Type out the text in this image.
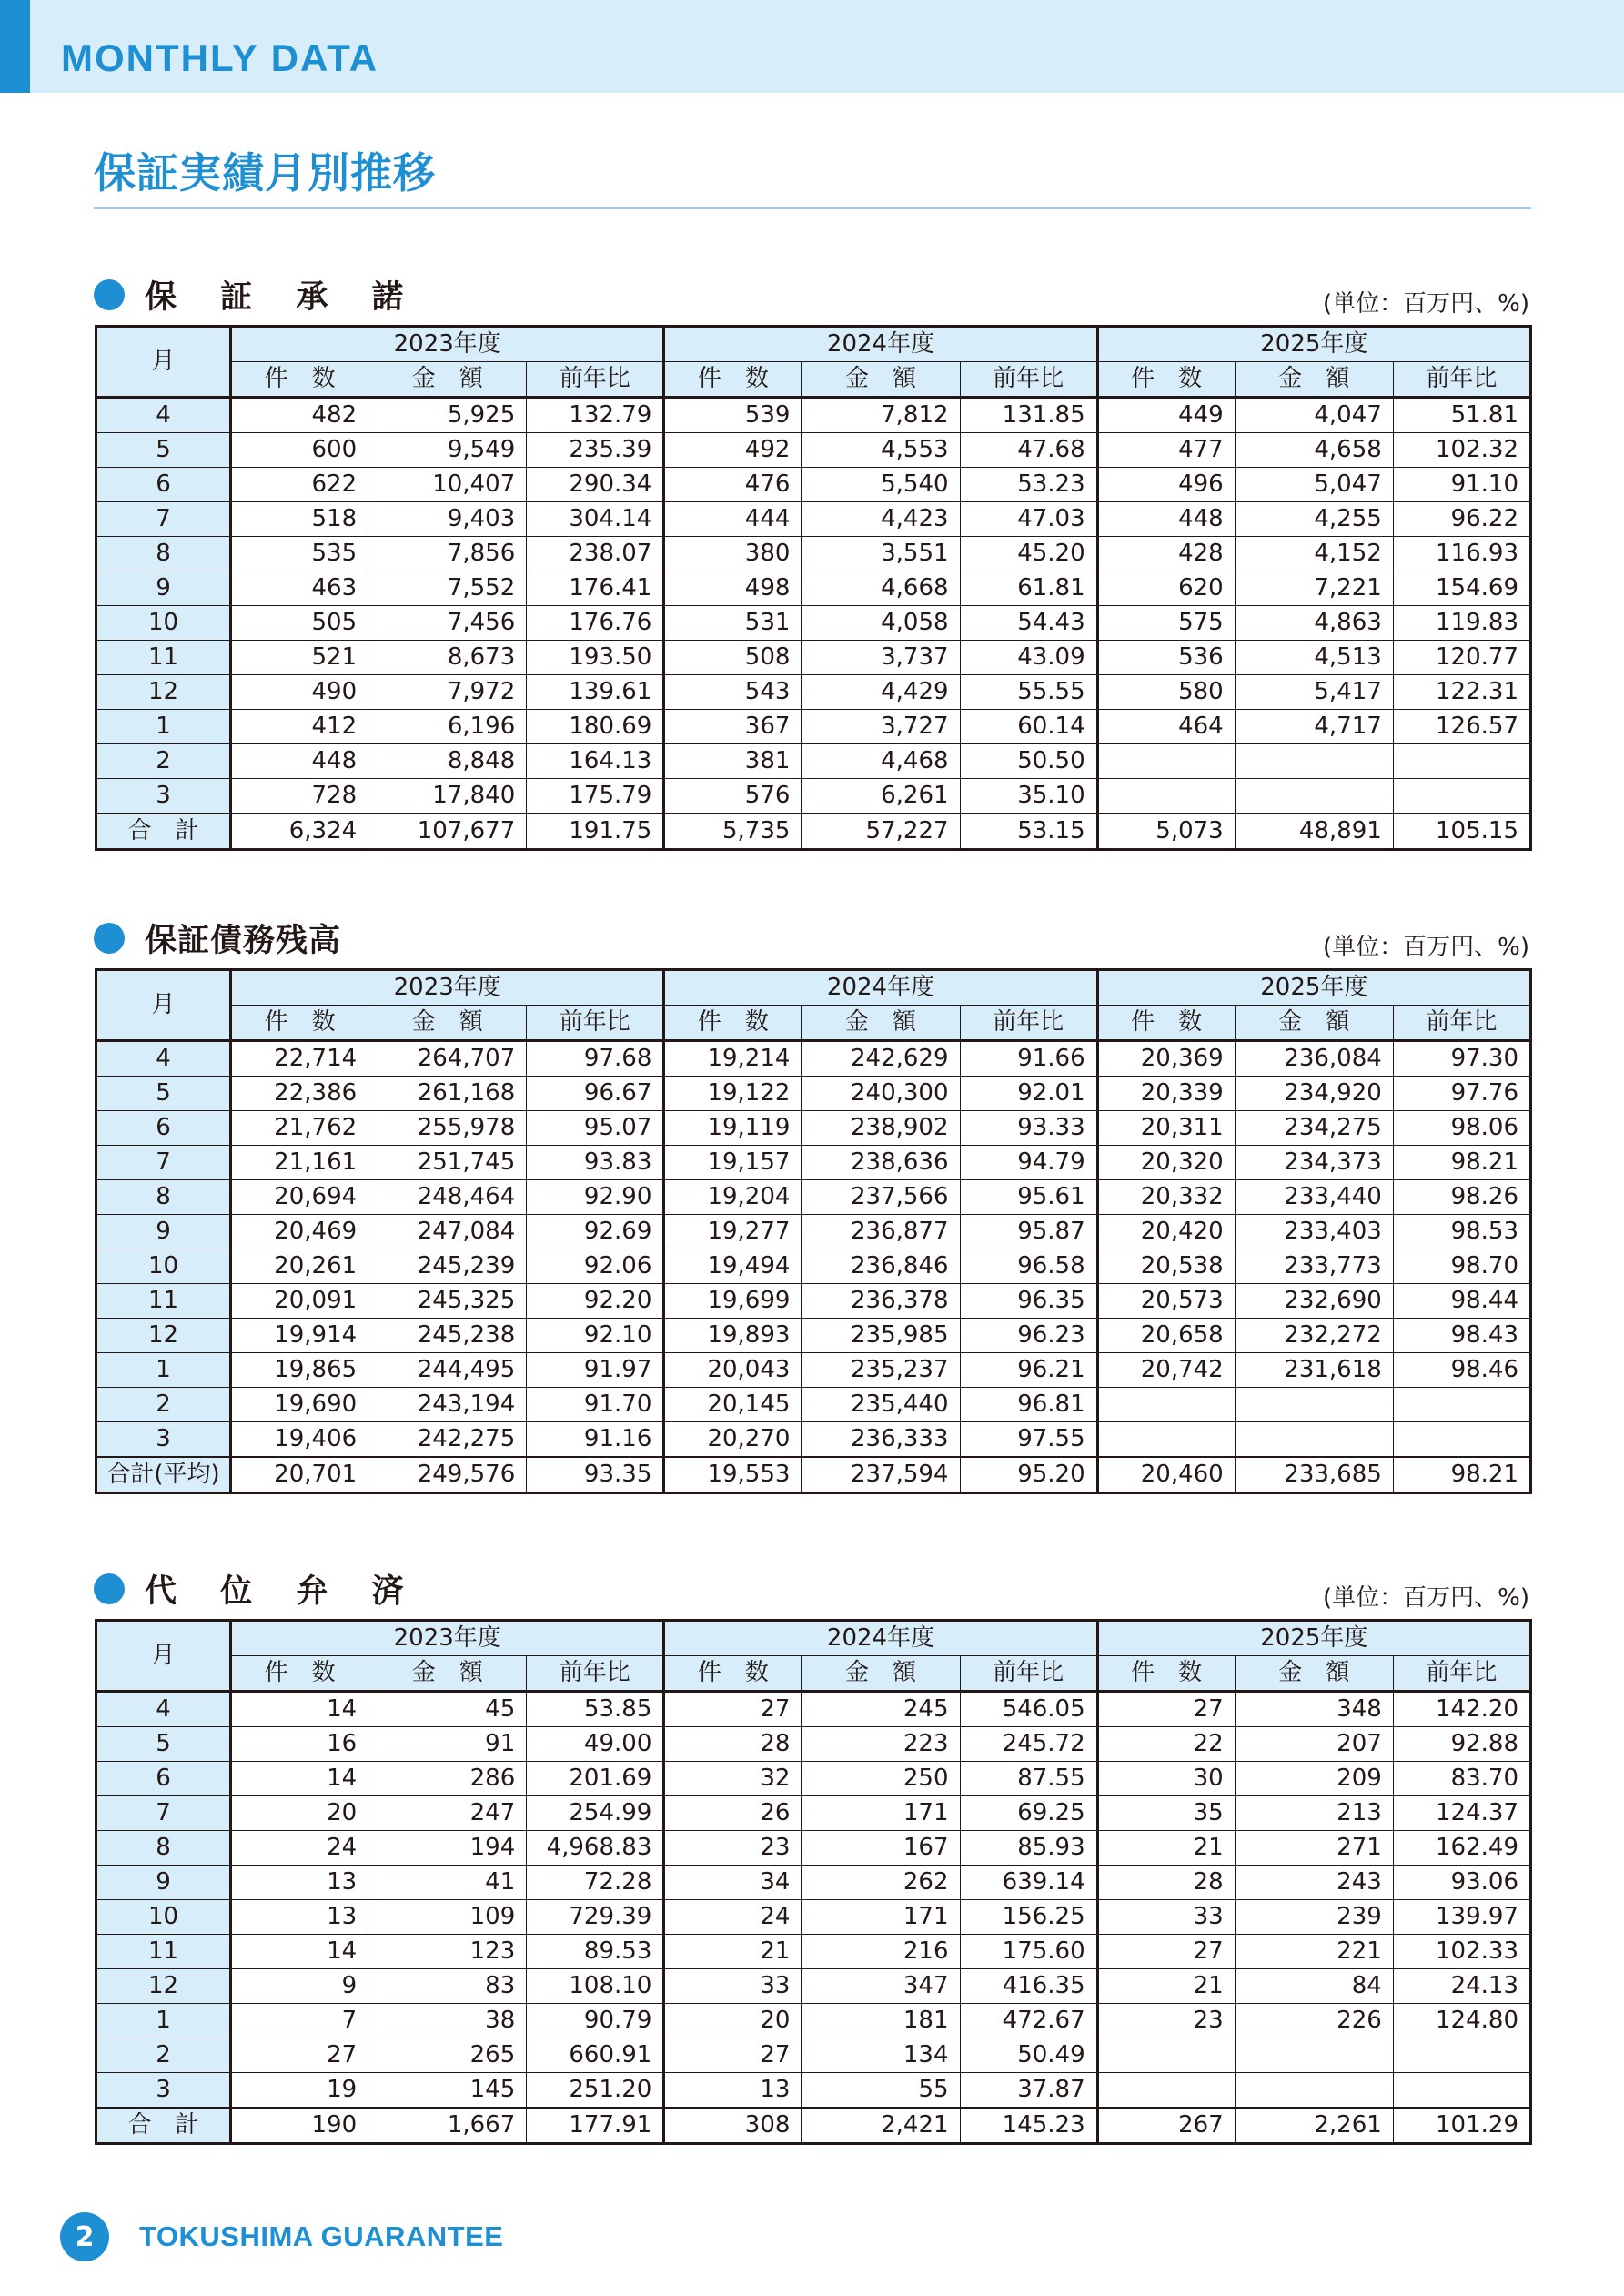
MONTHLY DATA
保証実績月別推移
保 証 承 諾	(単位：百万円、%)
保証債務残高	(単位：百万円、%)
代 位 弁 済	(単位：百万円、%)
月	2023年度			2024年度			2025年度		
	件　数	金　額	前年比	件　数	金　額	前年比	件　数	金　額	前年比
4	482	5,925	132.79	539	7,812	131.85	449	4,047	51.81
5	600	9,549	235.39	492	4,553	47.68	477	4,658	102.32
6	622	10,407	290.34	476	5,540	53.23	496	5,047	91.10
7	518	9,403	304.14	444	4,423	47.03	448	4,255	96.22
8	535	7,856	238.07	380	3,551	45.20	428	4,152	116.93
9	463	7,552	176.41	498	4,668	61.81	620	7,221	154.69
10	505	7,456	176.76	531	4,058	54.43	575	4,863	119.83
11	521	8,673	193.50	508	3,737	43.09	536	4,513	120.77
12	490	7,972	139.61	543	4,429	55.55	580	5,417	122.31
1	412	6,196	180.69	367	3,727	60.14	464	4,717	126.57
2	448	8,848	164.13	381	4,468	50.50			
3	728	17,840	175.79	576	6,261	35.10			
合　計	6,324	107,677	191.75	5,735	57,227	53.15	5,073	48,891	105.15
月	2023年度			2024年度			2025年度		
	件　数	金　額	前年比	件　数	金　額	前年比	件　数	金　額	前年比
4	22,714	264,707	97.68	19,214	242,629	91.66	20,369	236,084	97.30
5	22,386	261,168	96.67	19,122	240,300	92.01	20,339	234,920	97.76
6	21,762	255,978	95.07	19,119	238,902	93.33	20,311	234,275	98.06
7	21,161	251,745	93.83	19,157	238,636	94.79	20,320	234,373	98.21
8	20,694	248,464	92.90	19,204	237,566	95.61	20,332	233,440	98.26
9	20,469	247,084	92.69	19,277	236,877	95.87	20,420	233,403	98.53
10	20,261	245,239	92.06	19,494	236,846	96.58	20,538	233,773	98.70
11	20,091	245,325	92.20	19,699	236,378	96.35	20,573	232,690	98.44
12	19,914	245,238	92.10	19,893	235,985	96.23	20,658	232,272	98.43
1	19,865	244,495	91.97	20,043	235,237	96.21	20,742	231,618	98.46
2	19,690	243,194	91.70	20,145	235,440	96.81			
3	19,406	242,275	91.16	20,270	236,333	97.55			
合計(平均)	20,701	249,576	93.35	19,553	237,594	95.20	20,460	233,685	98.21
月	2023年度			2024年度			2025年度		
	件　数	金　額	前年比	件　数	金　額	前年比	件　数	金　額	前年比
4	14	45	53.85	27	245	546.05	27	348	142.20
5	16	91	49.00	28	223	245.72	22	207	92.88
6	14	286	201.69	32	250	87.55	30	209	83.70
7	20	247	254.99	26	171	69.25	35	213	124.37
8	24	194	4,968.83	23	167	85.93	21	271	162.49
9	13	41	72.28	34	262	639.14	28	243	93.06
10	13	109	729.39	24	171	156.25	33	239	139.97
11	14	123	89.53	21	216	175.60	27	221	102.33
12	9	83	108.10	33	347	416.35	21	84	24.13
1	7	38	90.79	20	181	472.67	23	226	124.80
2	27	265	660.91	27	134	50.49			
3	19	145	251.20	13	55	37.87			
合　計	190	1,667	177.91	308	2,421	145.23	267	2,261	101.29
2 TOKUSHIMA GUARANTEE
